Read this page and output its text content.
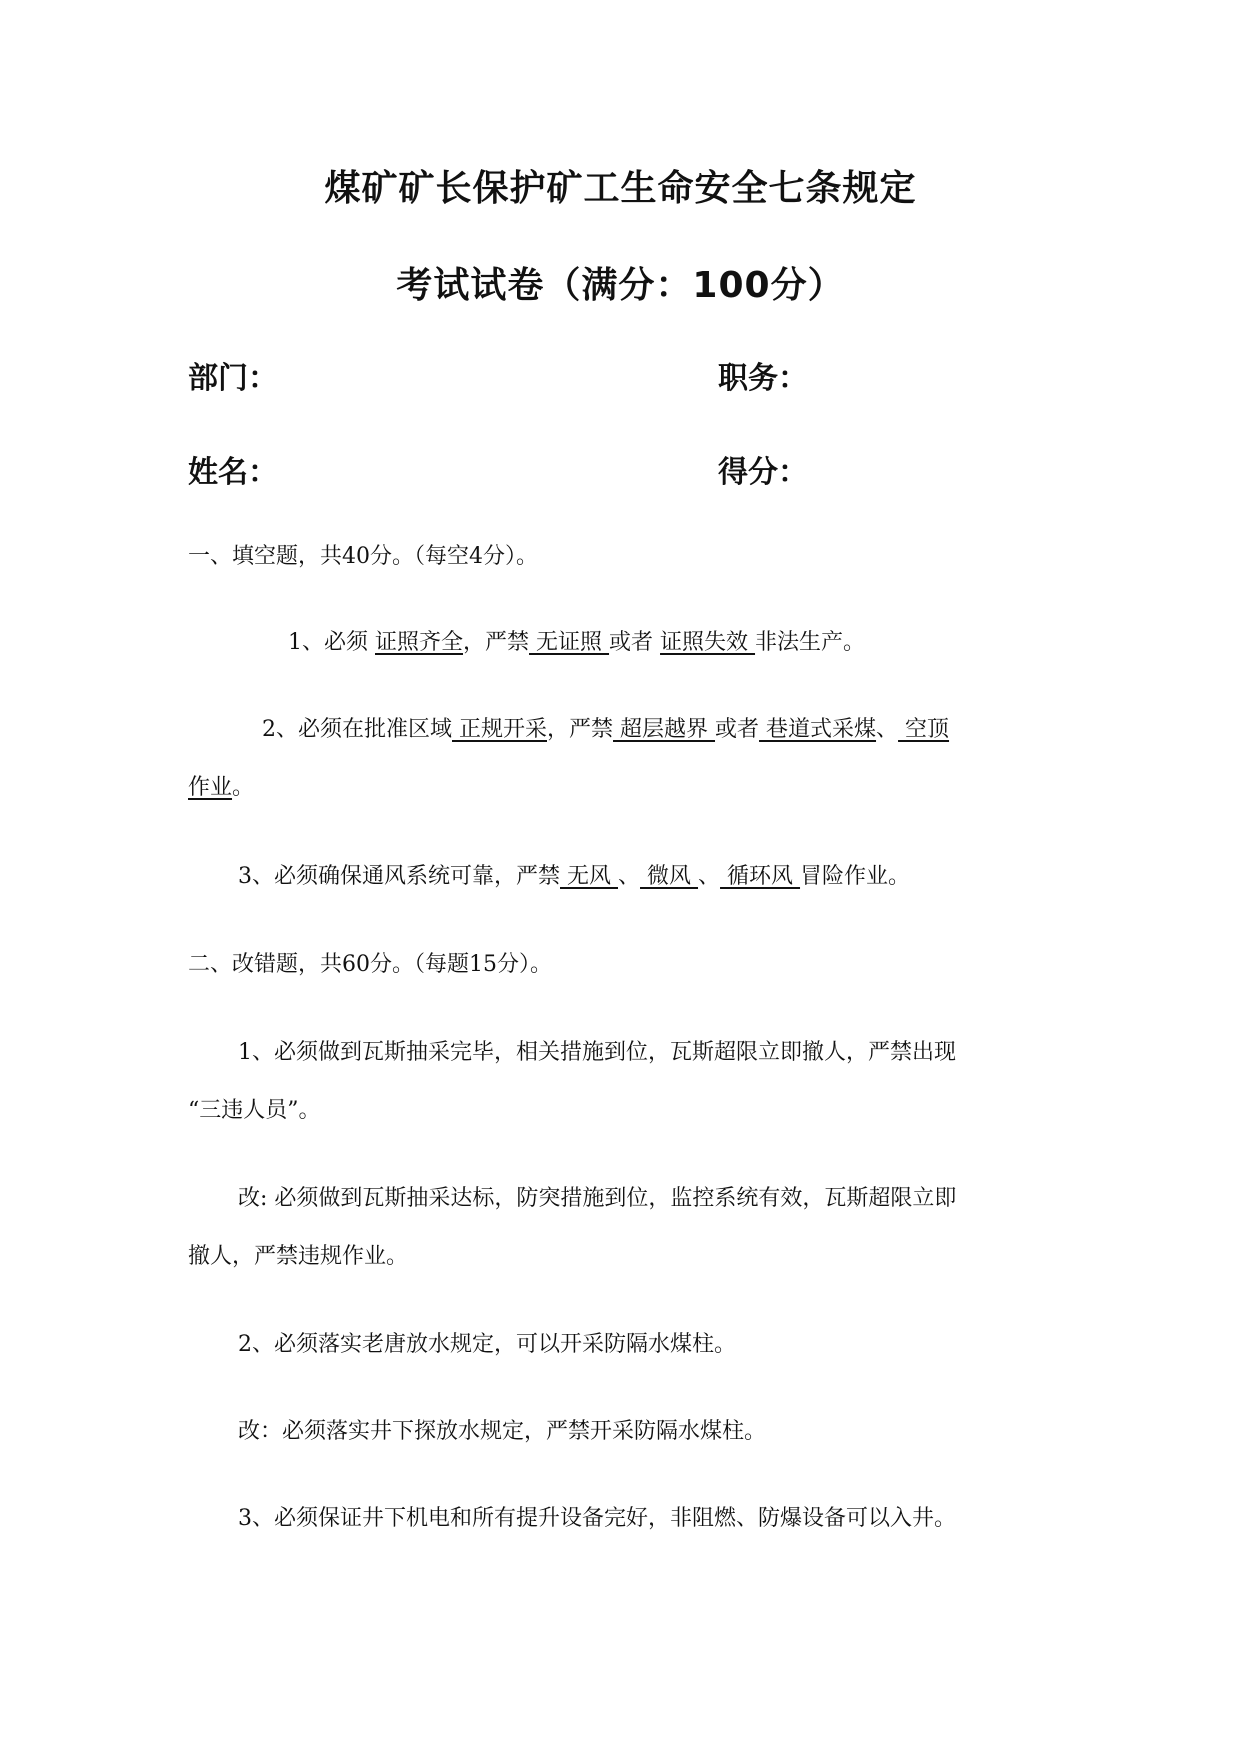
煤矿矿长保护矿工生命安全七条规定
考试试卷（满分：100分）
部门：	职务：
姓名：	得分：
一、填空题，共40分。（每空4分）。
1、必须 证照齐全，严禁 无证照 或者 证照失效 非法生产。
2、必须在批准区域 正规开采，严禁 超层越界 或者 巷道式采煤、 空顶
作业。
3、必须确保通风系统可靠，严禁 无风 、 微风 、 循环风 冒险作业。
二、改错题，共60分。（每题15分）。
1、必须做到瓦斯抽采完毕，相关措施到位，瓦斯超限立即撤人，严禁出现
“三违人员”。
改: 必须做到瓦斯抽采达标，防突措施到位，监控系统有效，瓦斯超限立即
撤人，严禁违规作业。
2、必须落实老唐放水规定，可以开采防隔水煤柱。
改：必须落实井下探放水规定，严禁开采防隔水煤柱。
3、必须保证井下机电和所有提升设备完好，非阻燃、防爆设备可以入井。
